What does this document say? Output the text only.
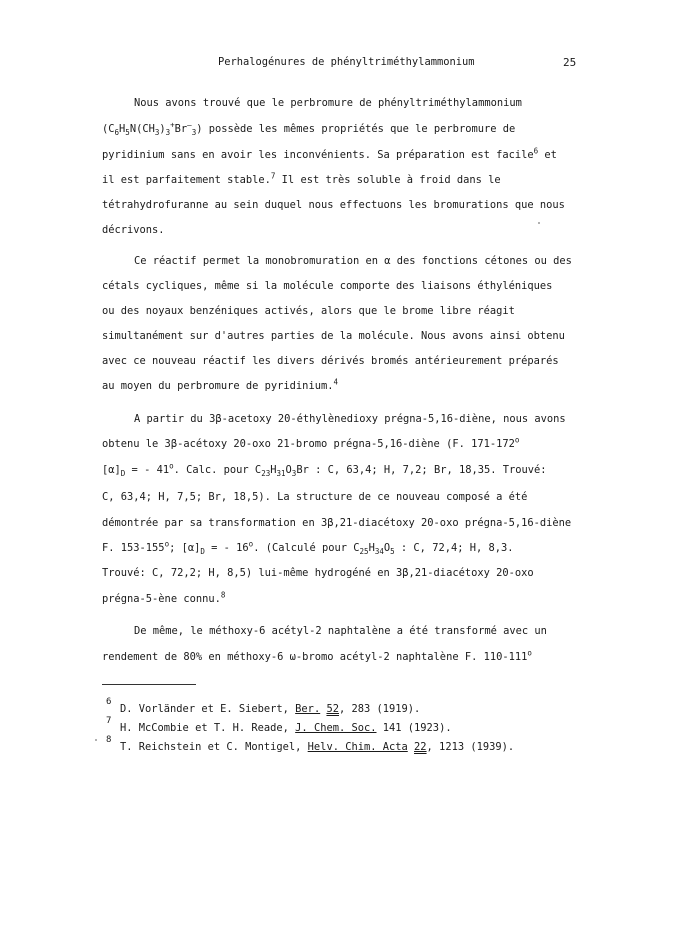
Perhalogénures de phényltriméthylammonium	25
Nous avons trouvé que le perbromure de phényltriméthylammonium
$(C_6H_5N(CH_3)_3^+Br^-_3)$ possède les mêmes propriétés que le perbromure de
pyridinium sans en avoir les inconvénients. Sa préparation est facile$^6$ et
il est parfaitement stable.$^7$ Il est très soluble à froid dans le
tétrahydrofuranne au sein duquel nous effectuons les bromurations que nous
décrivons.
Ce réactif permet la monobromuration en α des fonctions cétones ou des
cétals cycliques, même si la molécule comporte des liaisons éthyléniques
ou des noyaux benzéniques activés, alors que le brome libre réagit
simultanément sur d'autres parties de la molécule. Nous avons ainsi obtenu
avec ce nouveau réactif les divers dérivés bromés antérieurement préparés
au moyen du perbromure de pyridinium.$^4$
A partir du 3β-acetoxy 20-éthylènedioxy prégna-5,16-diène, nous avons
obtenu le 3β-acétoxy 20-oxo 21-bromo prégna-5,16-diène (F. 171-172$^o$
$[\alpha]_D$ = - 41$^o$. Calc. pour $C_{23}H_{31}O_3Br$ : C, 63,4; H, 7,2; Br, 18,35. Trouvé:
C, 63,4; H, 7,5; Br, 18,5). La structure de ce nouveau composé a été
démontrée par sa transformation en 3β,21-diacétoxy 20-oxo prégna-5,16-diène
F. 153-155$^o$; $[\alpha]_D$ = - 16$^o$. (Calculé pour $C_{25}H_{34}O_5$ : C, 72,4; H, 8,3.
Trouvé: C, 72,2; H, 8,5) lui-même hydrogéné en 3β,21-diacétoxy 20-oxo
prégna-5-ène connu.$^8$
De même, le méthoxy-6 acétyl-2 naphtalène a été transformé avec un
rendement de 80% en méthoxy-6 ω-bromo acétyl-2 naphtalène F. 110-111$^o$
6
D. Vorländer et E. Siebert, Ber. 52, 283 (1919).
7
H. McCombie et T. H. Reade, J. Chem. Soc. 141 (1923).
8
T. Reichstein et C. Montigel, Helv. Chim. Acta 22, 1213 (1939).
